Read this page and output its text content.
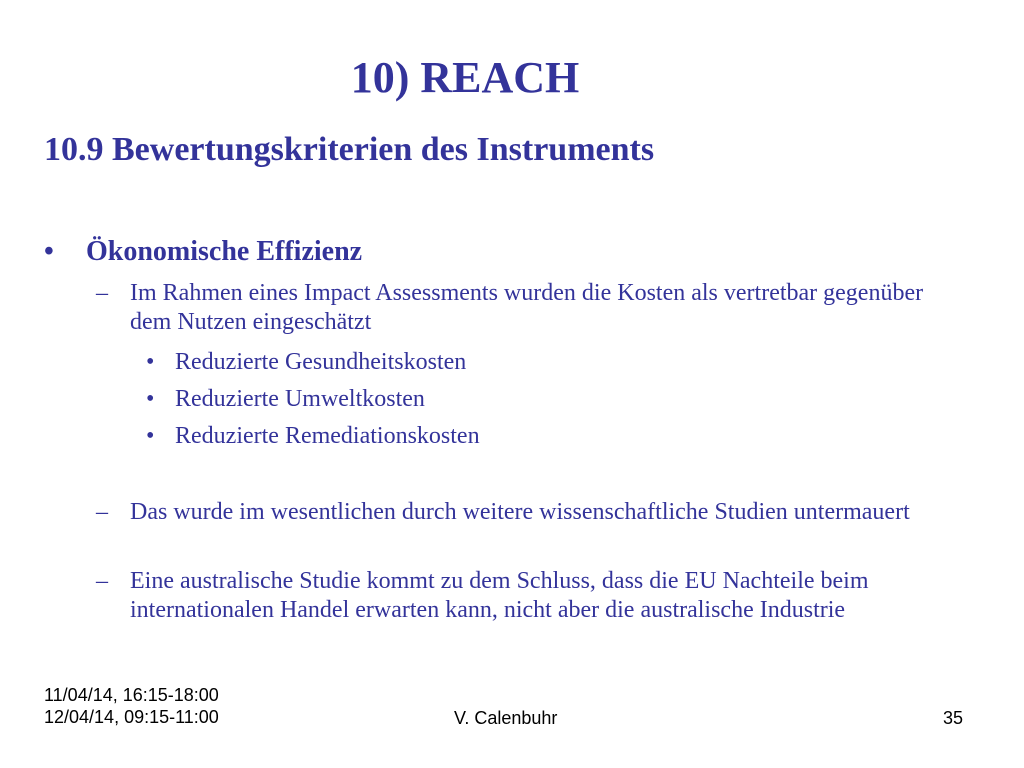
10) REACH
10.9 Bewertungskriterien des Instruments
• Ökonomische Effizienz
– Im Rahmen eines Impact Assessments wurden die Kosten als vertretbar gegenüber dem Nutzen eingeschätzt
• Reduzierte Gesundheitskosten
• Reduzierte Umweltkosten
• Reduzierte Remediationskosten
– Das wurde im wesentlichen durch weitere wissenschaftliche Studien untermauert
– Eine australische Studie kommt zu dem Schluss, dass die EU Nachteile beim internationalen Handel erwarten kann, nicht aber die australische Industrie
11/04/14, 16:15-18:00
12/04/14, 09:15-11:00	V. Calenbuhr	35
